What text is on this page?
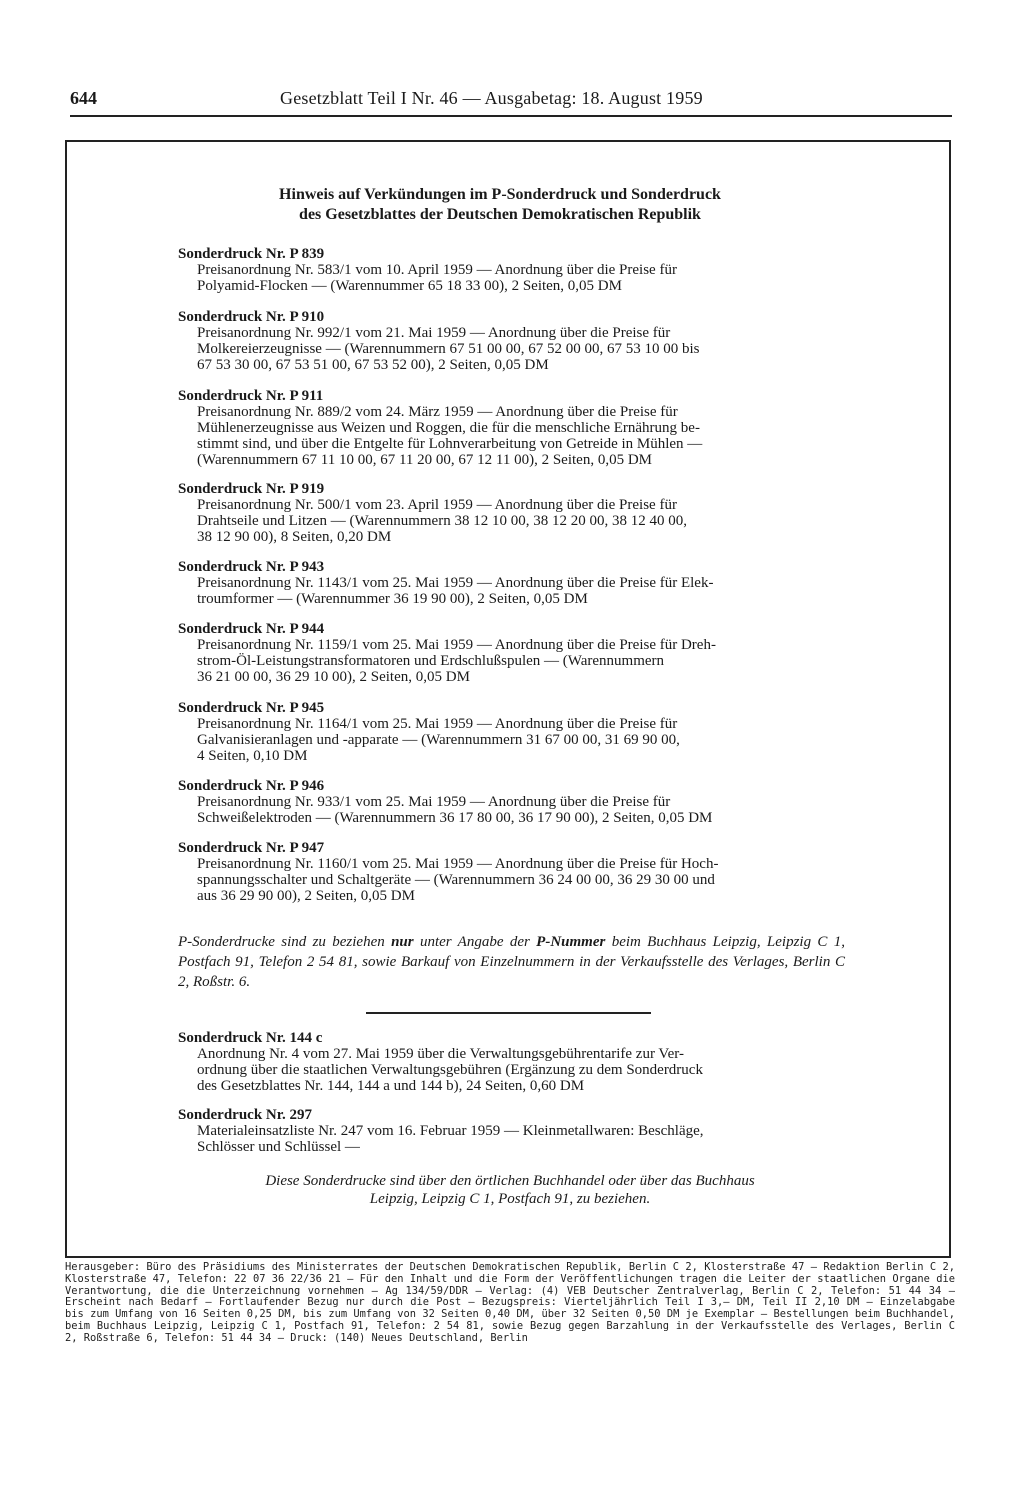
644	Gesetzblatt Teil I Nr. 46 — Ausgabetag: 18. August 1959
Hinweis auf Verkündungen im P-Sonderdruck und Sonderdruck
des Gesetzblattes der Deutschen Demokratischen Republik
Sonderdruck Nr. P 839
Preisanordnung Nr. 583/1 vom 10. April 1959 — Anordnung über die Preise für
Polyamid-Flocken — (Warennummer 65 18 33 00), 2 Seiten, 0,05 DM
Sonderdruck Nr. P 910
Preisanordnung Nr. 992/1 vom 21. Mai 1959 — Anordnung über die Preise für
Molkereierzeugnisse — (Warennummern 67 51 00 00, 67 52 00 00, 67 53 10 00 bis
67 53 30 00, 67 53 51 00, 67 53 52 00), 2 Seiten, 0,05 DM
Sonderdruck Nr. P 911
Preisanordnung Nr. 889/2 vom 24. März 1959 — Anordnung über die Preise für
Mühlenerzeugnisse aus Weizen und Roggen, die für die menschliche Ernährung be-
stimmt sind, und über die Entgelte für Lohnverarbeitung von Getreide in Mühlen —
(Warennummern 67 11 10 00, 67 11 20 00, 67 12 11 00), 2 Seiten, 0,05 DM
Sonderdruck Nr. P 919
Preisanordnung Nr. 500/1 vom 23. April 1959 — Anordnung über die Preise für
Drahtseile und Litzen — (Warennummern 38 12 10 00, 38 12 20 00, 38 12 40 00,
38 12 90 00), 8 Seiten, 0,20 DM
Sonderdruck Nr. P 943
Preisanordnung Nr. 1143/1 vom 25. Mai 1959 — Anordnung über die Preise für Elek-
troumformer — (Warennummer 36 19 90 00), 2 Seiten, 0,05 DM
Sonderdruck Nr. P 944
Preisanordnung Nr. 1159/1 vom 25. Mai 1959 — Anordnung über die Preise für Dreh-
strom-Öl-Leistungstransformatoren und Erdschlußspulen — (Warennummern
36 21 00 00, 36 29 10 00), 2 Seiten, 0,05 DM
Sonderdruck Nr. P 945
Preisanordnung Nr. 1164/1 vom 25. Mai 1959 — Anordnung über die Preise für
Galvanisieranlagen und -apparate — (Warennummern 31 67 00 00, 31 69 90 00,
4 Seiten, 0,10 DM
Sonderdruck Nr. P 946
Preisanordnung Nr. 933/1 vom 25. Mai 1959 — Anordnung über die Preise für
Schweißelektroden — (Warennummern 36 17 80 00, 36 17 90 00), 2 Seiten, 0,05 DM
Sonderdruck Nr. P 947
Preisanordnung Nr. 1160/1 vom 25. Mai 1959 — Anordnung über die Preise für Hoch-
spannungsschalter und Schaltgeräte — (Warennummern 36 24 00 00, 36 29 30 00 und
aus 36 29 90 00), 2 Seiten, 0,05 DM
P-Sonderdrucke sind zu beziehen nur unter Angabe der P-Nummer beim Buchhaus Leipzig, Leipzig C 1, Postfach 91, Telefon 2 54 81, sowie Barkauf von Einzelnummern in der Verkaufsstelle des Verlages, Berlin C 2, Roßstr. 6.
Sonderdruck Nr. 144 c
Anordnung Nr. 4 vom 27. Mai 1959 über die Verwaltungsgebührentarife zur Ver-
ordnung über die staatlichen Verwaltungsgebühren (Ergänzung zu dem Sonderdruck
des Gesetzblattes Nr. 144, 144 a und 144 b), 24 Seiten, 0,60 DM
Sonderdruck Nr. 297
Materialeinsatzliste Nr. 247 vom 16. Februar 1959 — Kleinmetallwaren: Beschläge,
Schlösser und Schlüssel —
Diese Sonderdrucke sind über den örtlichen Buchhandel oder über das Buchhaus
Leipzig, Leipzig C 1, Postfach 91, zu beziehen.
Herausgeber: Büro des Präsidiums des Ministerrates der Deutschen Demokratischen Republik, Berlin C 2, Klosterstraße 47 — Redaktion Berlin C 2, Klosterstraße 47, Telefon: 22 07 36 22/36 21 — Für den Inhalt und die Form der Veröffentlichungen tragen die Leiter der staatlichen Organe die Verantwortung, die die Unterzeichnung vornehmen — Ag 134/59/DDR — Verlag: (4) VEB Deutscher Zentralverlag, Berlin C 2, Telefon: 51 44 34 — Erscheint nach Bedarf — Fortlaufender Bezug nur durch die Post — Bezugspreis: Vierteljährlich Teil I 3,— DM, Teil II 2,10 DM — Einzelabgabe bis zum Umfang von 16 Seiten 0,25 DM, bis zum Umfang von 32 Seiten 0,40 DM, über 32 Seiten 0,50 DM je Exemplar — Bestellungen beim Buchhandel, beim Buchhaus Leipzig, Leipzig C 1, Postfach 91, Telefon: 2 54 81, sowie Bezug gegen Barzahlung in der Verkaufsstelle des Verlages, Berlin C 2, Roßstraße 6, Telefon: 51 44 34 — Druck: (140) Neues Deutschland, Berlin
